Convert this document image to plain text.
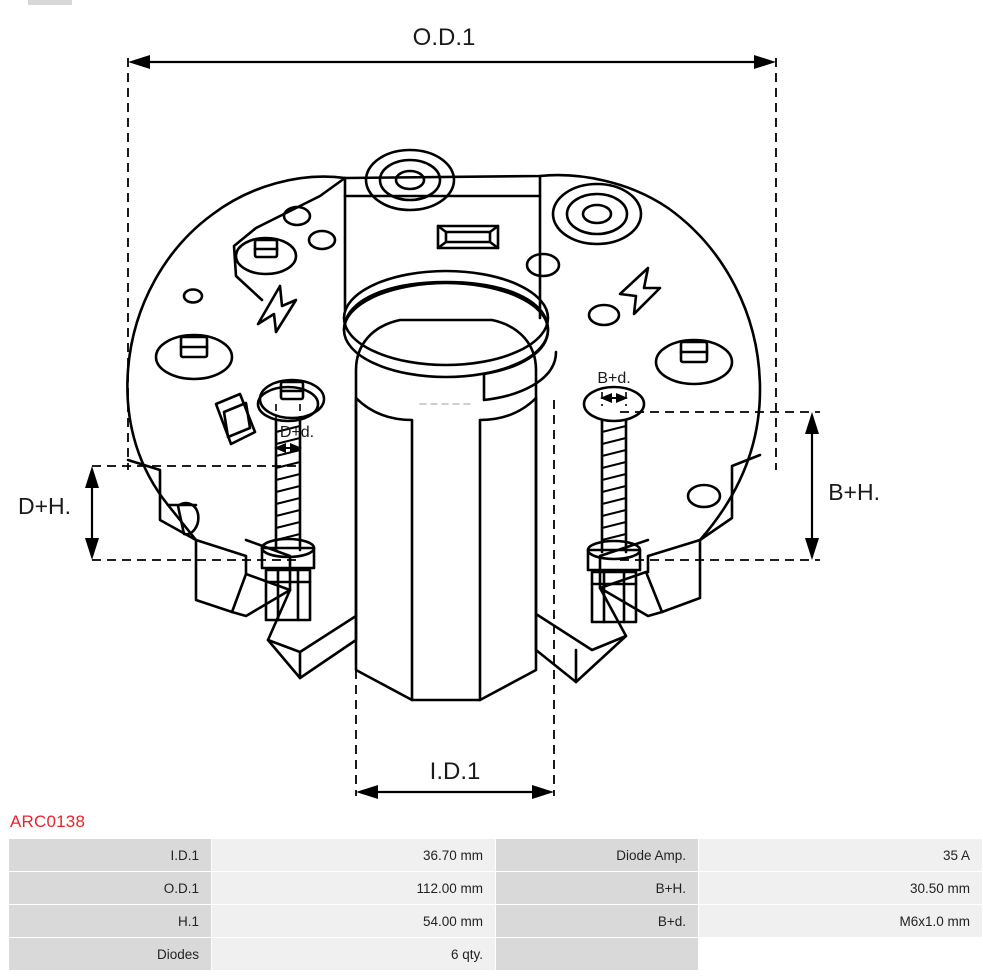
O.D.1
I.D.1
B+H.
D+H.
B+d.
D+d.
ARC0138
I.D.1	36.70 mm	Diode Amp.	35 A
O.D.1	112.00 mm	B+H.	30.50 mm
H.1	54.00 mm	B+d.	M6x1.0 mm
Diodes	6 qty.		
